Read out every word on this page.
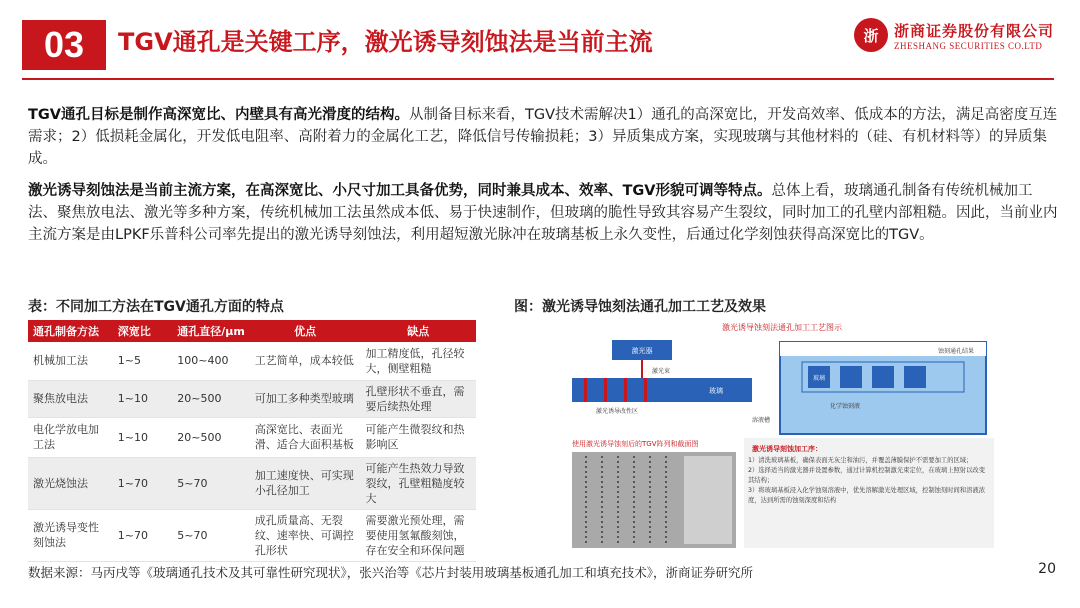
03	TGV通孔是关键工序，激光诱导刻蚀法是当前主流	浙	浙商证券股份有限公司
ZHESHANG SECURITIES CO.LTD

TGV通孔目标是制作高深宽比、内壁具有高光滑度的结构。从制备目标来看，TGV技术需解决1）通孔的高深宽比，开发高效率、低成本的方法，满足高密度互连需求；2）低损耗金属化，开发低电阻率、高附着力的金属化工艺，降低信号传输损耗；3）异质集成方案，实现玻璃与其他材料的（硅、有机材料等）的异质集成。

激光诱导刻蚀法是当前主流方案，在高深宽比、小尺寸加工具备优势，同时兼具成本、效率、TGV形貌可调等特点。总体上看，玻璃通孔制备有传统机械加工法、聚焦放电法、激光等多种方案，传统机械加工法虽然成本低、易于快速制作，但玻璃的脆性导致其容易产生裂纹，同时加工的孔壁内部粗糙。因此，当前业内主流方案是由LPKF乐普科公司率先提出的激光诱导刻蚀法，利用超短激光脉冲在玻璃基板上永久变性，后通过化学刻蚀获得高深宽比的TGV。

表：不同加工方法在TGV通孔方面的特点
通孔制备方法	深宽比	通孔直径/μm	优点	缺点
机械加工法	1~5	100~400	工艺简单，成本较低	加工精度低，孔径较大，侧壁粗糙
聚焦放电法	1~10	20~500	可加工多种类型玻璃	孔壁形状不垂直，需要后续热处理
电化学放电加工法	1~10	20~500	高深宽比、表面光滑、适合大面积基板	可能产生微裂纹和热影响区
激光烧蚀法	1~70	5~70	加工速度快、可实现小孔径加工	可能产生热效力导致裂纹，孔壁粗糙度较大
激光诱导变性刻蚀法	1~70	5~70	成孔质量高、无裂纹、速率快、可调控孔形状	需要激光预处理，需要使用氢氟酸刻蚀，存在安全和环保问题
图：激光诱导蚀刻法通孔加工工艺及效果
激光诱导蚀刻法通孔加工工艺图示
激光器
激光束
玻璃
激光诱导改性区
玻璃
蚀刻通孔结果
化学蚀刻液
溶液槽
使用激光诱导蚀刻后的TGV阵列和截面图
激光诱导刻蚀加工序：
1）清洗玻璃基板，确保表面无灰尘和油污，并覆盖薄膜保护不需要加工的区域；
2）选择适当的激光器并设置参数，通过计算机控制激光束定位，在玻璃上照射以改变其结构；
3）将玻璃基板浸入化学蚀刻溶液中，优先溶解激光处理区域，控制蚀刻时间和溶液浓度，达到所需的蚀刻深度和结构
数据来源：马丙戌等《玻璃通孔技术及其可靠性研究现状》，张兴治等《芯片封装用玻璃基板通孔加工和填充技术》，浙商证券研究所	20
